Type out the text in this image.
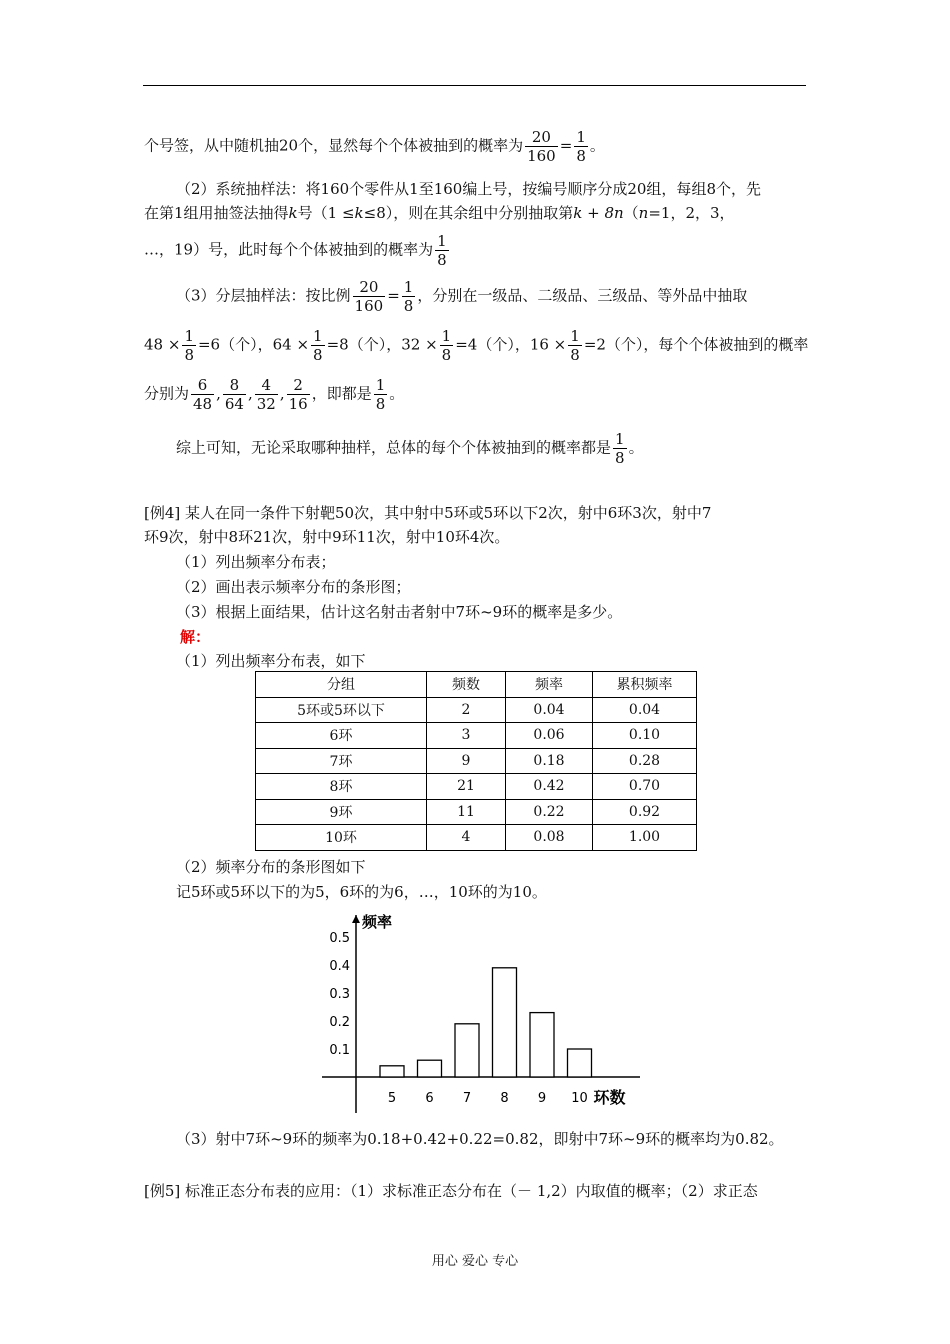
个号签，从中随机抽20个，显然每个个体被抽到的概率为 $\frac{20}{160} = \frac{1}{8}$ 。
（2）系统抽样法：将160个零件从1至160编上号，按编号顺序分成20组，每组8个，先
在第1组用抽签法抽得k号（1 ≤k≤8），则在其余组中分别抽取第k + 8n（n=1，2，3，
…，19）号，此时每个个体被抽到的概率为 $\frac{1}{8}$
（3）分层抽样法：按比例 $\frac{20}{160} = \frac{1}{8}$ ，分别在一级品、二级品、三级品、等外品中抽取
$48 \times \frac{1}{8} =6$（个），$64 \times \frac{1}{8} =8$（个），$32 \times \frac{1}{8} =4$（个），$16 \times \frac{1}{8} =2$（个），每个个体被抽到的概率
分别为 $\frac{6}{48}$ , $\frac{8}{64}$ , $\frac{4}{32}$ , $\frac{2}{16}$ ，即都是 $\frac{1}{8}$ 。
综上可知，无论采取哪种抽样，总体的每个个体被抽到的概率都是 $\frac{1}{8}$ 。
[例4] 某人在同一条件下射靶50次，其中射中5环或5环以下2次，射中6环3次，射中7
环9次，射中8环21次，射中9环11次，射中10环4次。
（1）列出频率分布表；
（2）画出表示频率分布的条形图；
（3）根据上面结果，估计这名射击者射中7环~9环的概率是多少。
解：
（1）列出频率分布表，如下
分组	频数	频率	累积频率
5环或5环以下	2	0.04	0.04
6环	3	0.06	0.10
7环	9	0.18	0.28
8环	21	0.42	0.70
9环	11	0.22	0.92
10环	4	0.08	1.00
（2）频率分布的条形图如下
记5环或5环以下的为5，6环的为6，…，10环的为10。
频率
0.1
0.2
0.3
0.4
0.5
5 6 7 8 9 10 环数
（3）射中7环~9环的频率为0.18+0.42+0.22=0.82，即射中7环~9环的概率均为0.82。
[例5] 标准正态分布表的应用：（1）求标准正态分布在（－ 1,2）内取值的概率；（2）求正态
用心 爱心 专心
